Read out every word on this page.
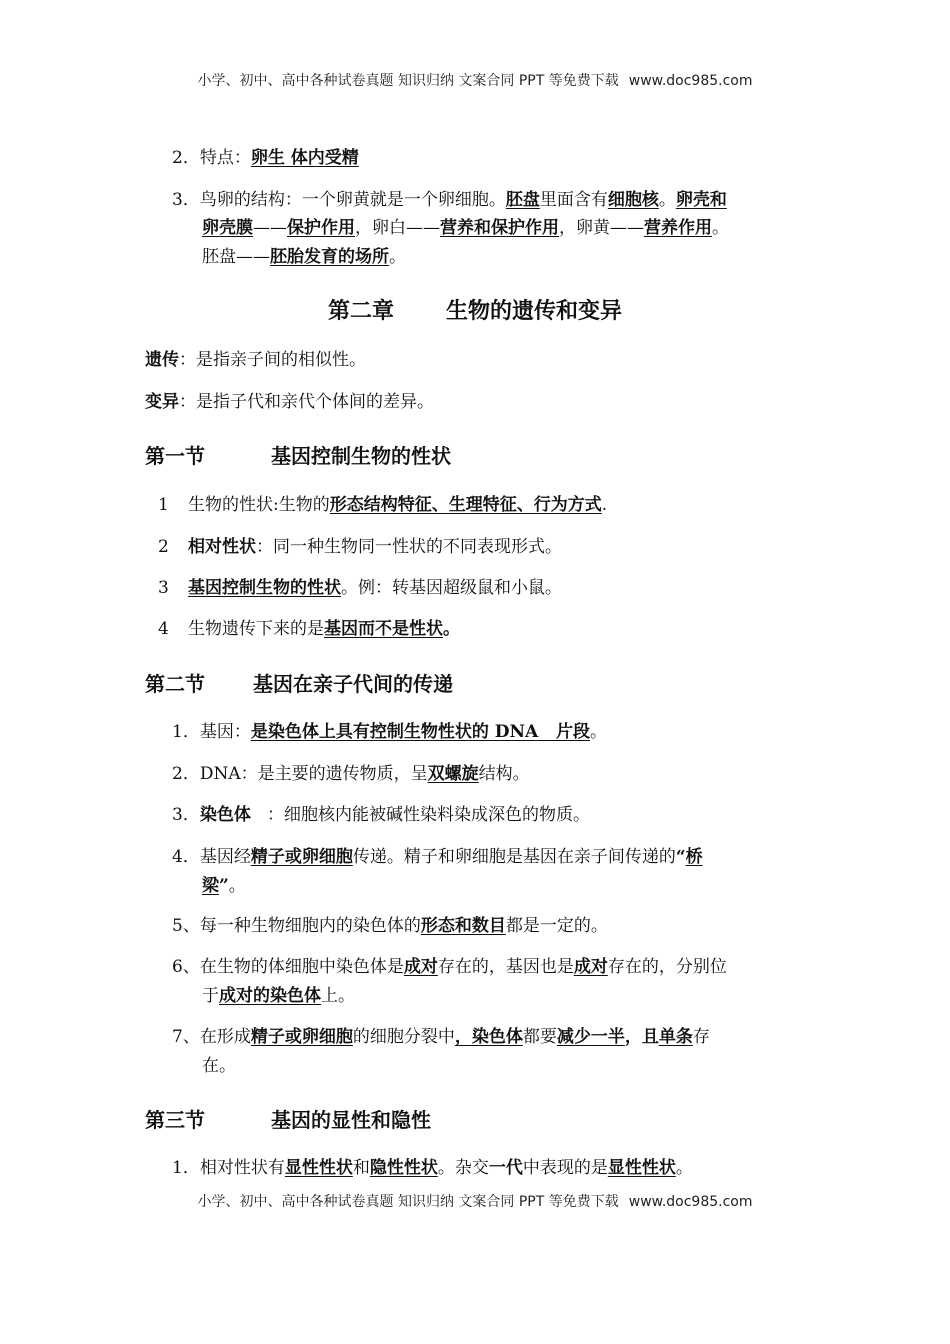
小学、初中、高中各种试卷真题 知识归纳 文案合同 PPT 等免费下载 www.doc985.com
2．特点：卵生 体内受精
3．鸟卵的结构：一个卵黄就是一个卵细胞。胚盘里面含有细胞核。卵壳和
卵壳膜——保护作用，卵白——营养和保护作用，卵黄——营养作用。
胚盘——胚胎发育的场所。
第二章 生物的遗传和变异
遗传：是指亲子间的相似性。
变异：是指子代和亲代个体间的差异。
第一节	基因控制生物的性状
1 生物的性状:生物的形态结构特征、生理特征、行为方式.
2 相对性状：同一种生物同一性状的不同表现形式。
3 基因控制生物的性状。例：转基因超级鼠和小鼠。
4 生物遗传下来的是基因而不是性状。
第二节 基因在亲子代间的传递
1．基因：是染色体上具有控制生物性状的 DNA   片段。
2．DNA：是主要的遗传物质，呈双螺旋结构。
3．染色体   ：细胞核内能被碱性染料染成深色的物质。
4．基因经精子或卵细胞传递。精子和卵细胞是基因在亲子间传递的“桥
梁”。
5、每一种生物细胞内的染色体的形态和数目都是一定的。
6、在生物的体细胞中染色体是成对存在的，基因也是成对存在的，分别位
于成对的染色体上。
7、在形成精子或卵细胞的细胞分裂中，染色体都要减少一半，且单条存
在。
第三节	基因的显性和隐性
1．相对性状有显性性状和隐性性状。杂交一代中表现的是显性性状。
小学、初中、高中各种试卷真题 知识归纳 文案合同 PPT 等免费下载 www.doc985.com
